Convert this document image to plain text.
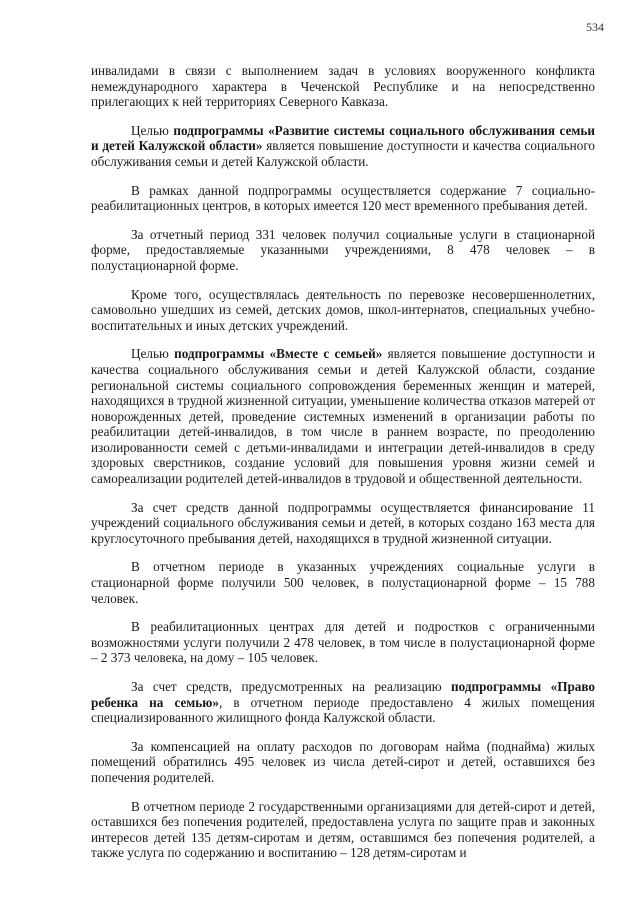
534

инвалидами в связи с выполнением задач в условиях вооруженного конфликта немеждународного характера в Чеченской Республике и на непосредственно прилегающих к ней территориях Северного Кавказа.

Целью подпрограммы «Развитие системы социального обслуживания семьи и детей Калужской области» является повышение доступности и качества социального обслуживания семьи и детей Калужской области.

В рамках данной подпрограммы осуществляется содержание 7 социально-реабилитационных центров, в которых имеется 120 мест временного пребывания детей.

За отчетный период 331 человек получил социальные услуги в стационарной форме, предоставляемые указанными учреждениями, 8 478 человек – в полустационарной форме.

Кроме того, осуществлялась деятельность по перевозке несовершеннолетних, самовольно ушедших из семей, детских домов, школ-интернатов, специальных учебно-воспитательных и иных детских учреждений.

Целью подпрограммы «Вместе с семьей» является повышение доступности и качества социального обслуживания семьи и детей Калужской области, создание региональной системы социального сопровождения беременных женщин и матерей, находящихся в трудной жизненной ситуации, уменьшение количества отказов матерей от новорожденных детей, проведение системных изменений в организации работы по реабилитации детей-инвалидов, в том числе в раннем возрасте, по преодолению изолированности семей с детьми-инвалидами и интеграции детей-инвалидов в среду здоровых сверстников, создание условий для повышения уровня жизни семей и самореализации родителей детей-инвалидов в трудовой и общественной деятельности.

За счет средств данной подпрограммы осуществляется финансирование 11 учреждений социального обслуживания семьи и детей, в которых создано 163 места для круглосуточного пребывания детей, находящихся в трудной жизненной ситуации.

В отчетном периоде в указанных учреждениях социальные услуги в стационарной форме получили 500 человек, в полустационарной форме – 15 788 человек.

В реабилитационных центрах для детей и подростков с ограниченными возможностями услуги получили 2 478 человек, в том числе в полустационарной форме – 2 373 человека, на дому – 105 человек.

За счет средств, предусмотренных на реализацию подпрограммы «Право ребенка на семью», в отчетном периоде предоставлено 4 жилых помещения специализированного жилищного фонда Калужской области.

За компенсацией на оплату расходов по договорам найма (поднайма) жилых помещений обратились 495 человек из числа детей-сирот и детей, оставшихся без попечения родителей.

В отчетном периоде 2 государственными организациями для детей-сирот и детей, оставшихся без попечения родителей, предоставлена услуга по защите прав и законных интересов детей 135 детям-сиротам и детям, оставшимся без попечения родителей, а также услуга по содержанию и воспитанию – 128 детям-сиротам и
